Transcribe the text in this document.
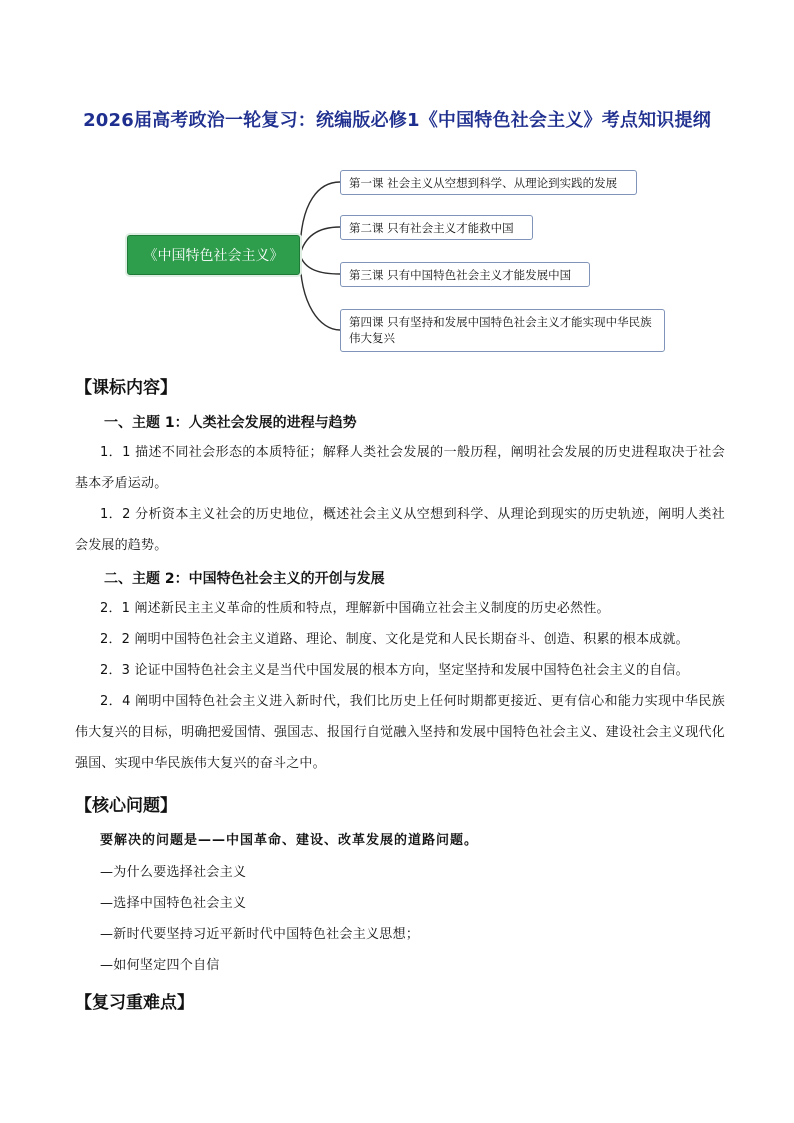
2026届高考政治一轮复习：统编版必修1《中国特色社会主义》考点知识提纲
《中国特色社会主义》
第一课 社会主义从空想到科学、从理论到实践的发展
第二课 只有社会主义才能救中国
第三课 只有中国特色社会主义才能发展中国
第四课 只有坚持和发展中国特色社会主义才能实现中华民族伟大复兴
【课标内容】
一、主题 1：人类社会发展的进程与趋势
1．1 描述不同社会形态的本质特征；解释人类社会发展的一般历程，阐明社会发展的历史进程取决于社会基本矛盾运动。
1．2 分析资本主义社会的历史地位，概述社会主义从空想到科学、从理论到现实的历史轨迹，阐明人类社会发展的趋势。
二、主题 2：中国特色社会主义的开创与发展
2．1 阐述新民主主义革命的性质和特点，理解新中国确立社会主义制度的历史必然性。
2．2 阐明中国特色社会主义道路、理论、制度、文化是党和人民长期奋斗、创造、积累的根本成就。
2．3 论证中国特色社会主义是当代中国发展的根本方向，坚定坚持和发展中国特色社会主义的自信。
2．4 阐明中国特色社会主义进入新时代，我们比历史上任何时期都更接近、更有信心和能力实现中华民族伟大复兴的目标，明确把爱国情、强国志、报国行自觉融入坚持和发展中国特色社会主义、建设社会主义现代化强国、实现中华民族伟大复兴的奋斗之中。
【核心问题】
要解决的问题是——中国革命、建设、改革发展的道路问题。
—为什么要选择社会主义
—选择中国特色社会主义
—新时代要坚持习近平新时代中国特色社会主义思想；
—如何坚定四个自信
【复习重难点】
